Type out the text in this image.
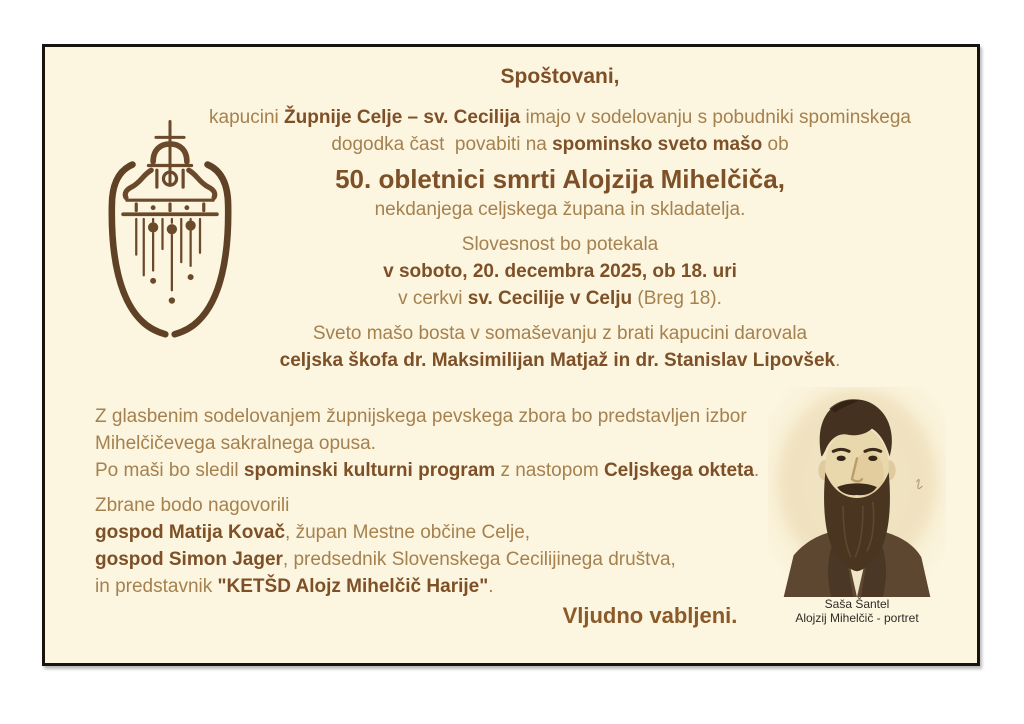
Spoštovani,

kapucini Župnije Celje – sv. Cecilija imajo v sodelovanju s pobudniki spominskega

dogodka čast  povabiti na spominsko sveto mašo ob

50. obletnici smrti Alojzija Mihelčiča,

nekdanjega celjskega župana in skladatelja.

Slovesnost bo potekala

v soboto, 20. decembra 2025, ob 18. uri

v cerkvi sv. Cecilije v Celju (Breg 18).

Sveto mašo bosta v somaševanju z brati kapucini darovala

celjska škofa dr. Maksimilijan Matjaž in dr. Stanislav Lipovšek.

Z glasbenim sodelovanjem župnijskega pevskega zbora bo predstavljen izbor

Mihelčičevega sakralnega opusa.

Po maši bo sledil spominski kulturni program z nastopom Celjskega okteta.

Zbrane bodo nagovorili

gospod Matija Kovač, župan Mestne občine Celje,

gospod Simon Jager, predsednik Slovenskega Cecilijinega društva,

in predstavnik "KETŠD Alojz Mihelčič Harije".

Vljudno vabljeni.	Saša Šantel

Alojzij Mihelčič - portret
